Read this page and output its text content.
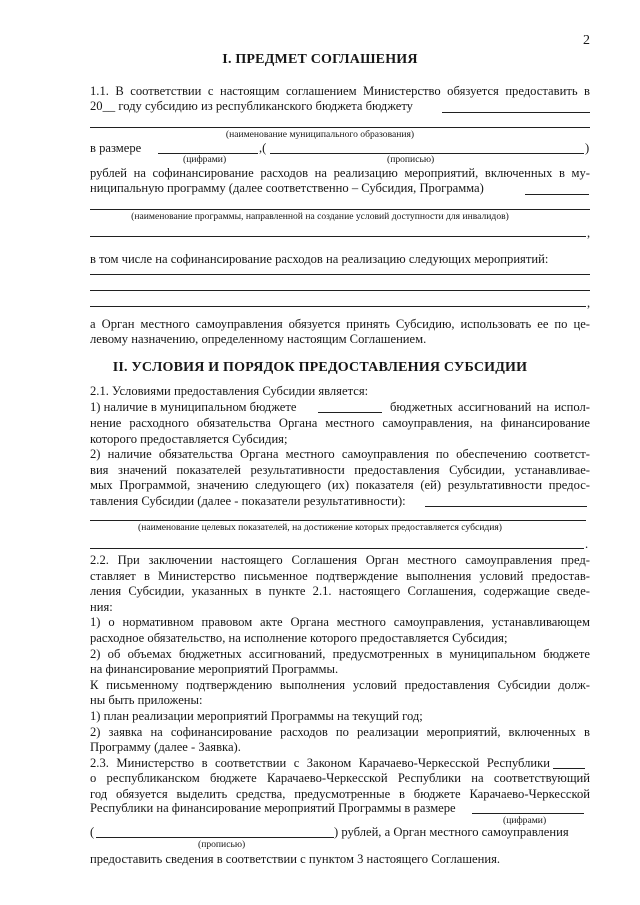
2
I. ПРЕДМЕТ СОГЛАШЕНИЯ
1.1. В соответствии с настоящим соглашением Министерство обязуется предоставить в
20__ году субсидию из республиканского бюджета бюджету
(наименование муниципального образования)
в размере	,(	)
(цифрами)	(прописью)
рублей на софинансирование расходов на реализацию мероприятий, включенных в му-
ниципальную программу (далее соответственно – Субсидия, Программа)
(наименование программы, направленной на создание условий доступности для инвалидов)
,
в том числе на софинансирование расходов на реализацию следующих мероприятий:
,
а Орган местного самоуправления обязуется принять Субсидию, использовать ее по це-
левому назначению, определенному настоящим Соглашением.
II. УСЛОВИЯ И ПОРЯДОК ПРЕДОСТАВЛЕНИЯ СУБСИДИИ
2.1. Условиями предоставления Субсидии является:
1) наличие в муниципальном бюджете	бюджетных ассигнований на испол-
нение расходного обязательства Органа местного самоуправления, на финансирование
которого предоставляется Субсидия;
2) наличие обязательства Органа местного самоуправления по обеспечению соответст-
вия значений показателей результативности предоставления Субсидии, устанавливае-
мых Программой, значению следующего (их) показателя (ей) результативности предос-
тавления Субсидии (далее - показатели результативности):
(наименование целевых показателей, на достижение которых предоставляется субсидия)
.
2.2. При заключении настоящего Соглашения Орган местного самоуправления пред-
ставляет в Министерство письменное подтверждение выполнения условий предостав-
ления Субсидии, указанных в пункте 2.1. настоящего Соглашения, содержащие сведе-
ния:
1) о нормативном правовом акте Органа местного самоуправления, устанавливающем
расходное обязательство, на исполнение которого предоставляется Субсидия;
2) об объемах бюджетных ассигнований, предусмотренных в муниципальном бюджете
на финансирование мероприятий Программы.
К письменному подтверждению выполнения условий предоставления Субсидии долж-
ны быть приложены:
1) план реализации мероприятий Программы на текущий год;
2) заявка на софинансирование расходов по реализации мероприятий, включенных в
Программу (далее - Заявка).
2.3. Министерство в соответствии с Законом Карачаево-Черкесской Республики
о республиканском бюджете Карачаево-Черкесской Республики на соответствующий
год обязуется выделить средства, предусмотренные в бюджете Карачаево-Черкесской
Республики на финансирование мероприятий Программы в размере
(цифрами)
(	) рублей, а Орган местного самоуправления
(прописью)
предоставить сведения в соответствии с пунктом 3 настоящего Соглашения.
